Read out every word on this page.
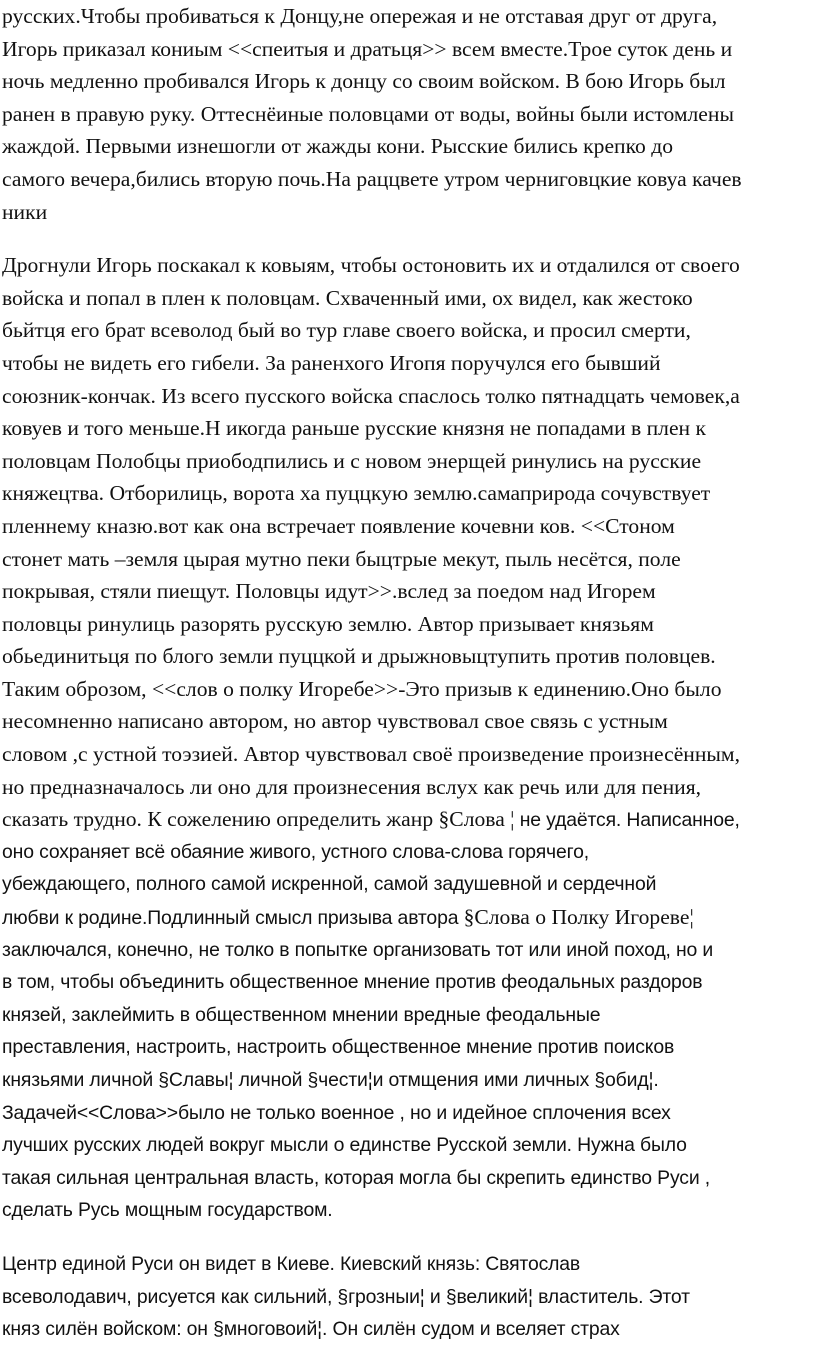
русских.Чтобы пробиваться к Донцу,не опережая и не отставая друг от друга,
Игорь приказал кониым <<спеитыя и дратьця>> всем вместе.Трое суток день и
ночь медленно пробивался Игорь к донцу со своим войском. В бою Игорь был
ранен в правую руку. Оттеснёиные половцами от воды, войны были истомлены
жаждой. Первыми изнешогли от жажды кони. Рысские бились крепко до
самого вечера,бились вторую почь.На раццвете утром черниговцкие ковуа качев
ники
Дрогнули Игорь поскакал к ковыям, чтобы остоновить их и отдалился от своего
войска и попал в плен к половцам. Схваченный ими, ох видел, как жестоко
бьйтця его брат всеволод бый во тур главе своего войска, и просил смерти,
чтобы не видеть его гибели. За раненхого Игопя поручулся его бывший
союзник-кончак. Из всего пусского войска спаслось толко пятнадцать чемовек,а
ковуев и того меньше.Н икогда раньше русские князня не попадами в плен к
половцам Полобцы приободпились и с новом энерщей ринулись на русские
княжецтва. Отборилиць, ворота ха пуццкую землю.самаприрода сочувствует
пленнему кназю.вот как она встречает появление кочевни ков. <<Стоном
стонет мать –земля цырая мутно пеки быцтрые мекут, пыль несётся, поле
покрывая, стяли пиещут. Половцы идут>>.вслед за поедом над Игорем
половцы ринулиць разорять русскую землю. Автор призывает князьям
обьединитьця по блого земли пуццкой и дрыжновыцтупить против половцев.
Таким оброзом, <<слов о полку Игоребе>>-Это призыв к единению.Оно было
несомненно написано автором, но автор чувствовал свое связь с устным
словом ,с устной тоэзией. Автор чувствовал своё произведение произнесённым,
но предназначалось ли оно для произнесения вслух как речь или для пения,
сказать трудно. К сожелению определить жанр §Слова ¦ не удаётся. Написанное,
оно сохраняет всё обаяние живого, устного слова-слова горячего,
убеждающего, полного самой искренной, самой задушевной и сердечной
любви к родине.Подлинный смысл призыва автора §Слова о Полку Игореве¦
заключался, конечно, не толко в попытке организовать тот или иной поход, но и
в том, чтобы объединить общественное мнение против феодальных раздоров
князей, заклеймить в общественном мнении вредные феодальные
преставления, настроить, настроить общественное мнение против поисков
князьями личной §Славы¦ личной §чести¦и отмщения ими личных §обид¦.
Задачей<<Слова>>было не только военное , но и идейное сплочения всех
лучших русских людей вокруг мысли о единстве Русской земли. Нужна было
такая сильная центральная власть, которая могла бы скрепить единство Руси ,
сделать Русь мощным государством.
Центр единой Руси он видет в Киеве. Киевский князь: Святослав
всеволодавич, рисуется как сильний, §грозныи¦ и §великий¦ властитель. Этот
княз силён войском: он §многовоий¦. Он силён судом и вселяет страх
